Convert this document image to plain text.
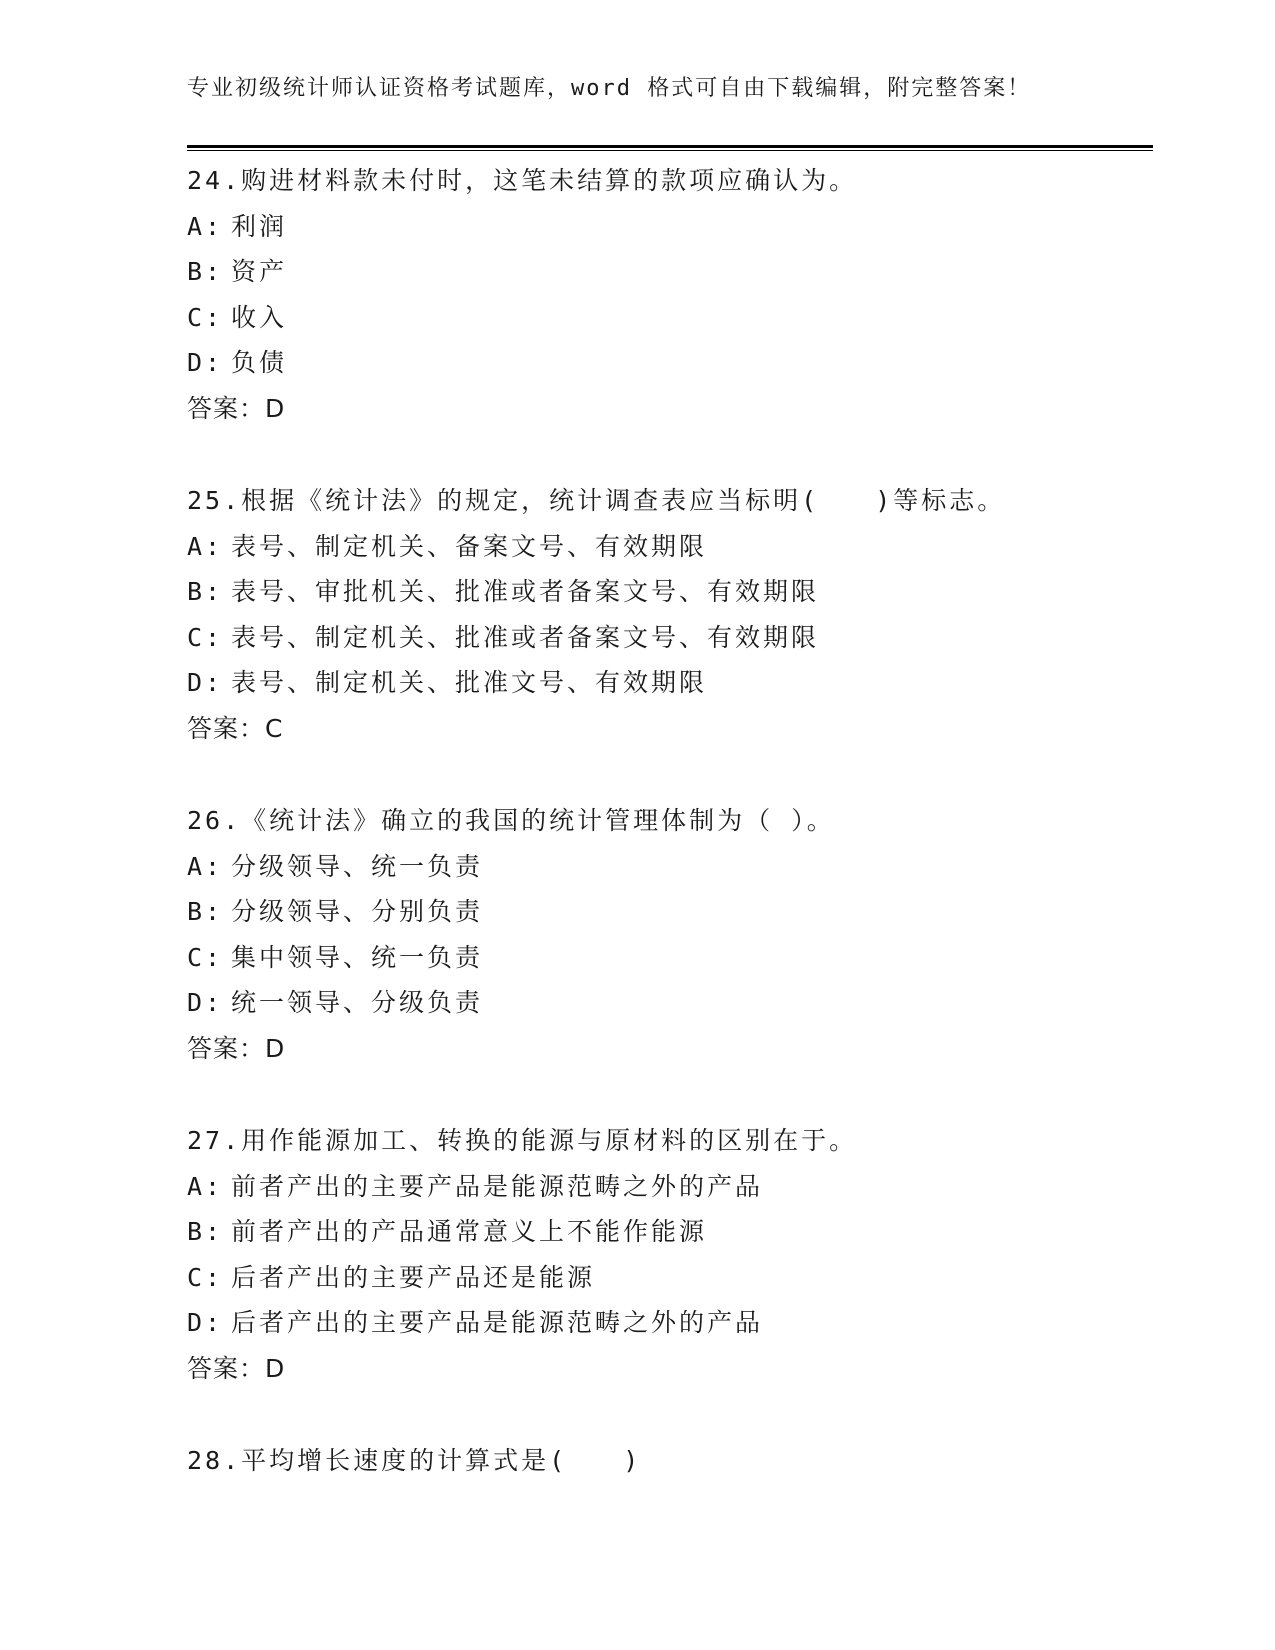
专业初级统计师认证资格考试题库，word 格式可自由下载编辑，附完整答案！
24.购进材料款未付时，这笔未结算的款项应确认为。
A: 利润
B: 资产
C: 收入
D: 负债
答案：D
25.根据《统计法》的规定，统计调查表应当标明(　　)等标志。
A: 表号、制定机关、备案文号、有效期限
B: 表号、审批机关、批准或者备案文号、有效期限
C: 表号、制定机关、批准或者备案文号、有效期限
D: 表号、制定机关、批准文号、有效期限
答案：C
26.《统计法》确立的我国的统计管理体制为（ ）。
A: 分级领导、统一负责
B: 分级领导、分别负责
C: 集中领导、统一负责
D: 统一领导、分级负责
答案：D
27.用作能源加工、转换的能源与原材料的区别在于。
A: 前者产出的主要产品是能源范畴之外的产品
B: 前者产出的产品通常意义上不能作能源
C: 后者产出的主要产品还是能源
D: 后者产出的主要产品是能源范畴之外的产品
答案：D
28.平均增长速度的计算式是(　　)
